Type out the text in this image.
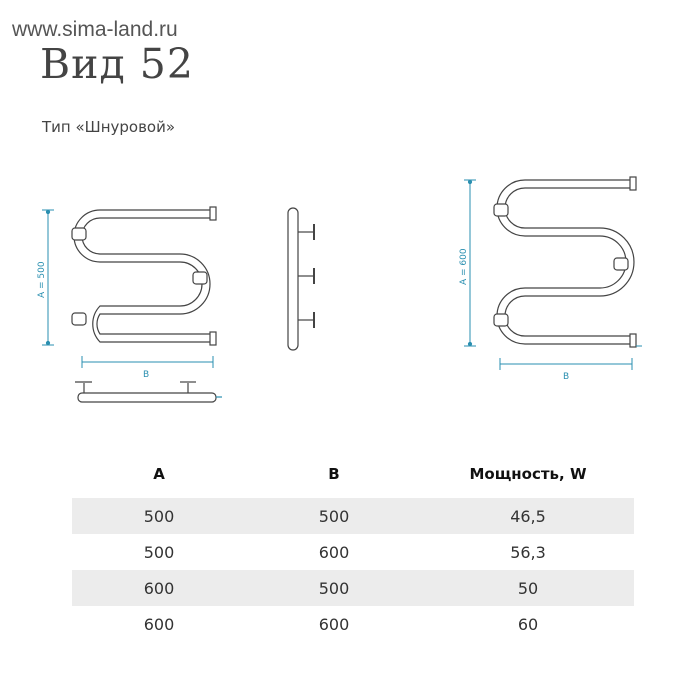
www.sima-land.ru
Вид 52
Тип «Шнуровой»
A = 500
B
A = 600
B
A	B	Мощность, W
500	500	46,5
500	600	56,3
600	500	50
600	600	60
